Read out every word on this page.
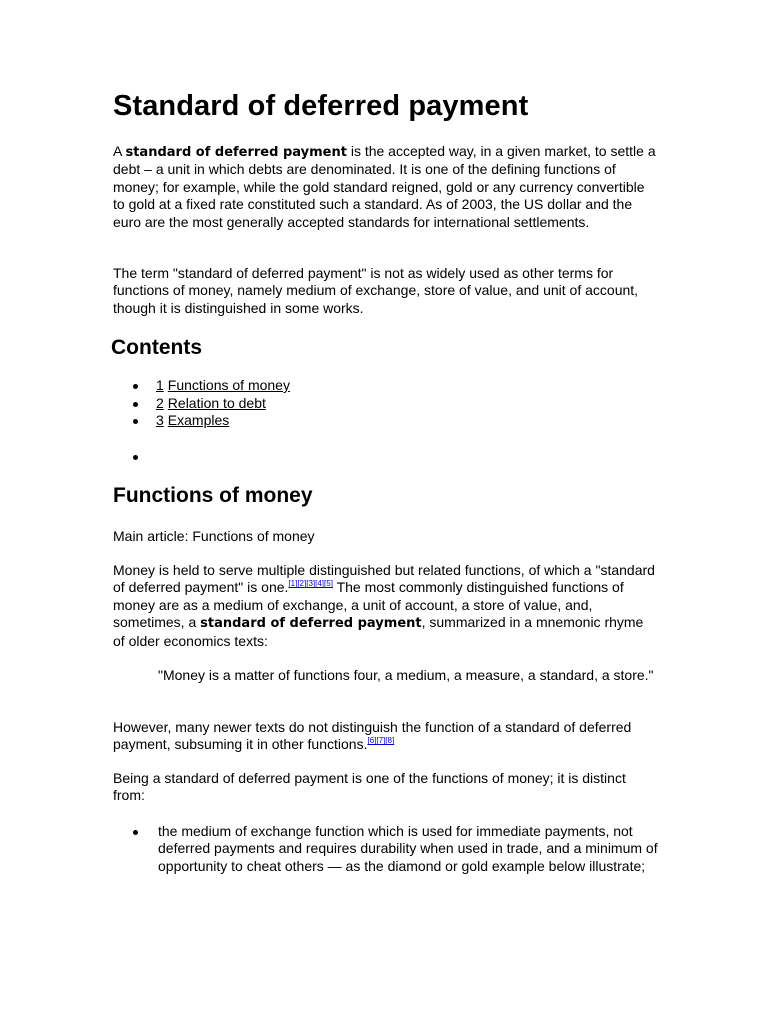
Standard of deferred payment

A standard of deferred payment is the accepted way, in a given market, to settle a debt – a unit in which debts are denominated. It is one of the defining functions of money; for example, while the gold standard reigned, gold or any currency convertible to gold at a fixed rate constituted such a standard. As of 2003, the US dollar and the euro are the most generally accepted standards for international settlements.

The term "standard of deferred payment" is not as widely used as other terms for functions of money, namely medium of exchange, store of value, and unit of account, though it is distinguished in some works.

Contents
1 Functions of money
2 Relation to debt
3 Examples
Functions of money

Main article: Functions of money

Money is held to serve multiple distinguished but related functions, of which a "standard of deferred payment" is one.[1][2][3][4][5] The most commonly distinguished functions of money are as a medium of exchange, a unit of account, a store of value, and, sometimes, a standard of deferred payment, summarized in a mnemonic rhyme of older economics texts:

"Money is a matter of functions four, a medium, a measure, a standard, a store."

However, many newer texts do not distinguish the function of a standard of deferred payment, subsuming it in other functions.[6][7][8]

Being a standard of deferred payment is one of the functions of money; it is distinct from:

the medium of exchange function which is used for immediate payments, not deferred payments and requires durability when used in trade, and a minimum of opportunity to cheat others — as the diamond or gold example below illustrate;
